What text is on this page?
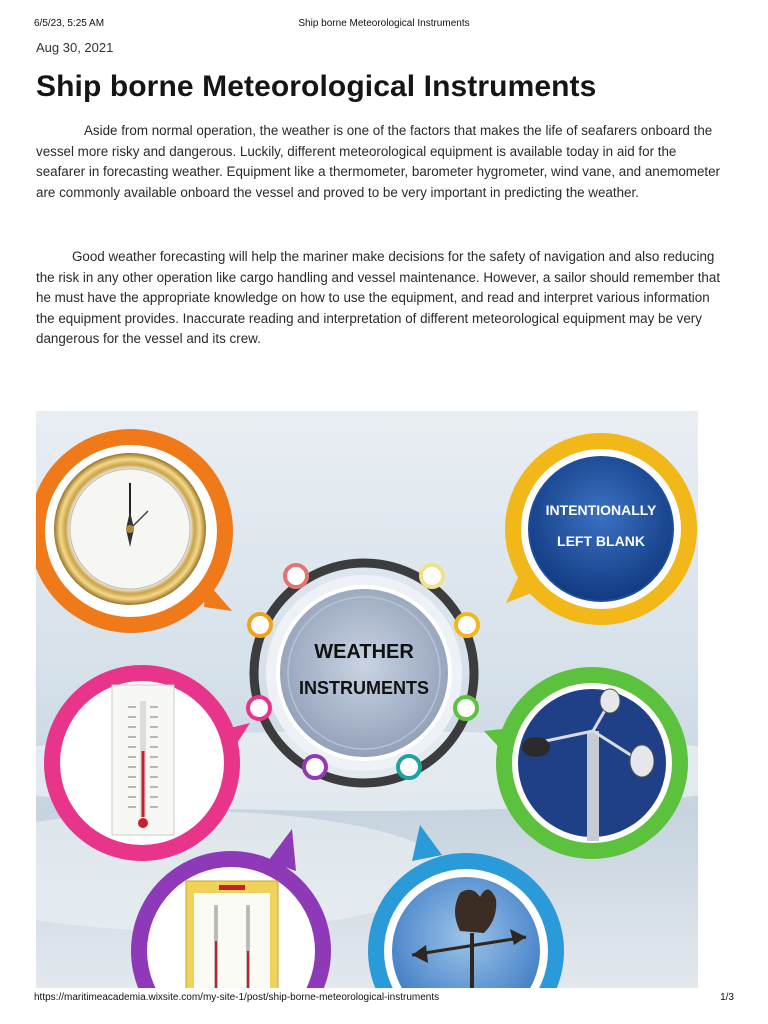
6/5/23, 5:25 AM	Ship borne Meteorological Instruments
Aug 30, 2021
Ship borne Meteorological Instruments

Aside from normal operation, the weather is one of the factors that makes the life of seafarers onboard the vessel more risky and dangerous. Luckily, different meteorological equipment is available today in aid for the seafarer in forecasting weather. Equipment like a thermometer, barometer hygrometer, wind vane, and anemometer are commonly available onboard the vessel and proved to be very important in predicting the weather.

Good weather forecasting will help the mariner make decisions for the safety of navigation and also reducing the risk in any other operation like cargo handling and vessel maintenance. However, a sailor should remember that he must have the appropriate knowledge on how to use the equipment, and read and interpret various information the equipment provides. Inaccurate reading and interpretation of different meteorological equipment may be very dangerous for the vessel and its crew.

WEATHER
INSTRUMENTS
INTENTIONALLY
LEFT BLANK
https://maritimeacademia.wixsite.com/my-site-1/post/ship-borne-meteorological-instruments	1/3
